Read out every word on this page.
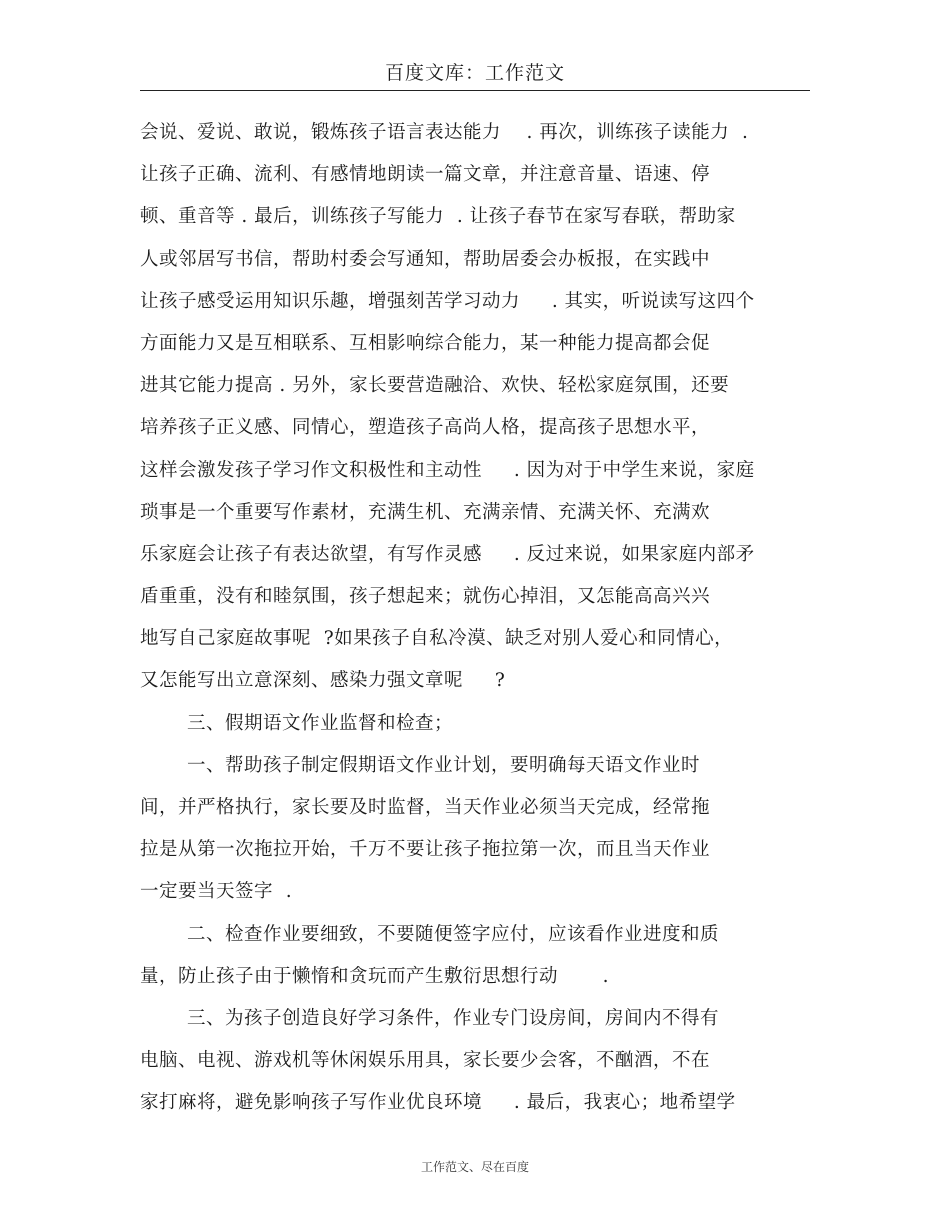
百度文库：工作范文
会说、爱说、敢说，锻炼孩子语言表达能力    . 再次，训练孩子读能力  .
让孩子正确、流利、有感情地朗读一篇文章，并注意音量、语速、停
顿、重音等 . 最后，训练孩子写能力  . 让孩子春节在家写春联，帮助家
人或邻居写书信，帮助村委会写通知，帮助居委会办板报，在实践中
让孩子感受运用知识乐趣，增强刻苦学习动力     . 其实，听说读写这四个
方面能力又是互相联系、互相影响综合能力，某一种能力提高都会促
进其它能力提高 . 另外，家长要营造融洽、欢快、轻松家庭氛围，还要
培养孩子正义感、同情心，塑造孩子高尚人格，提高孩子思想水平，
这样会激发孩子学习作文积极性和主动性     . 因为对于中学生来说，家庭
琐事是一个重要写作素材，充满生机、充满亲情、充满关怀、充满欢
乐家庭会让孩子有表达欲望，有写作灵感     . 反过来说，如果家庭内部矛
盾重重，没有和睦氛围，孩子想起来；就伤心掉泪，又怎能高高兴兴
地写自己家庭故事呢  ?如果孩子自私冷漠、缺乏对别人爱心和同情心，
又怎能写出立意深刻、感染力强文章呢     ?
三、假期语文作业监督和检查；
一、帮助孩子制定假期语文作业计划，要明确每天语文作业时
间，并严格执行，家长要及时监督，当天作业必须当天完成，经常拖
拉是从第一次拖拉开始，千万不要让孩子拖拉第一次，而且当天作业
一定要当天签字  .
二、检查作业要细致，不要随便签字应付，应该看作业进度和质
量，防止孩子由于懒惰和贪玩而产生敷衍思想行动       .
三、为孩子创造良好学习条件，作业专门设房间，房间内不得有
电脑、电视、游戏机等休闲娱乐用具，家长要少会客，不酗酒，不在
家打麻将，避免影响孩子写作业优良环境     . 最后，我衷心；地希望学
工作范文、尽在百度
